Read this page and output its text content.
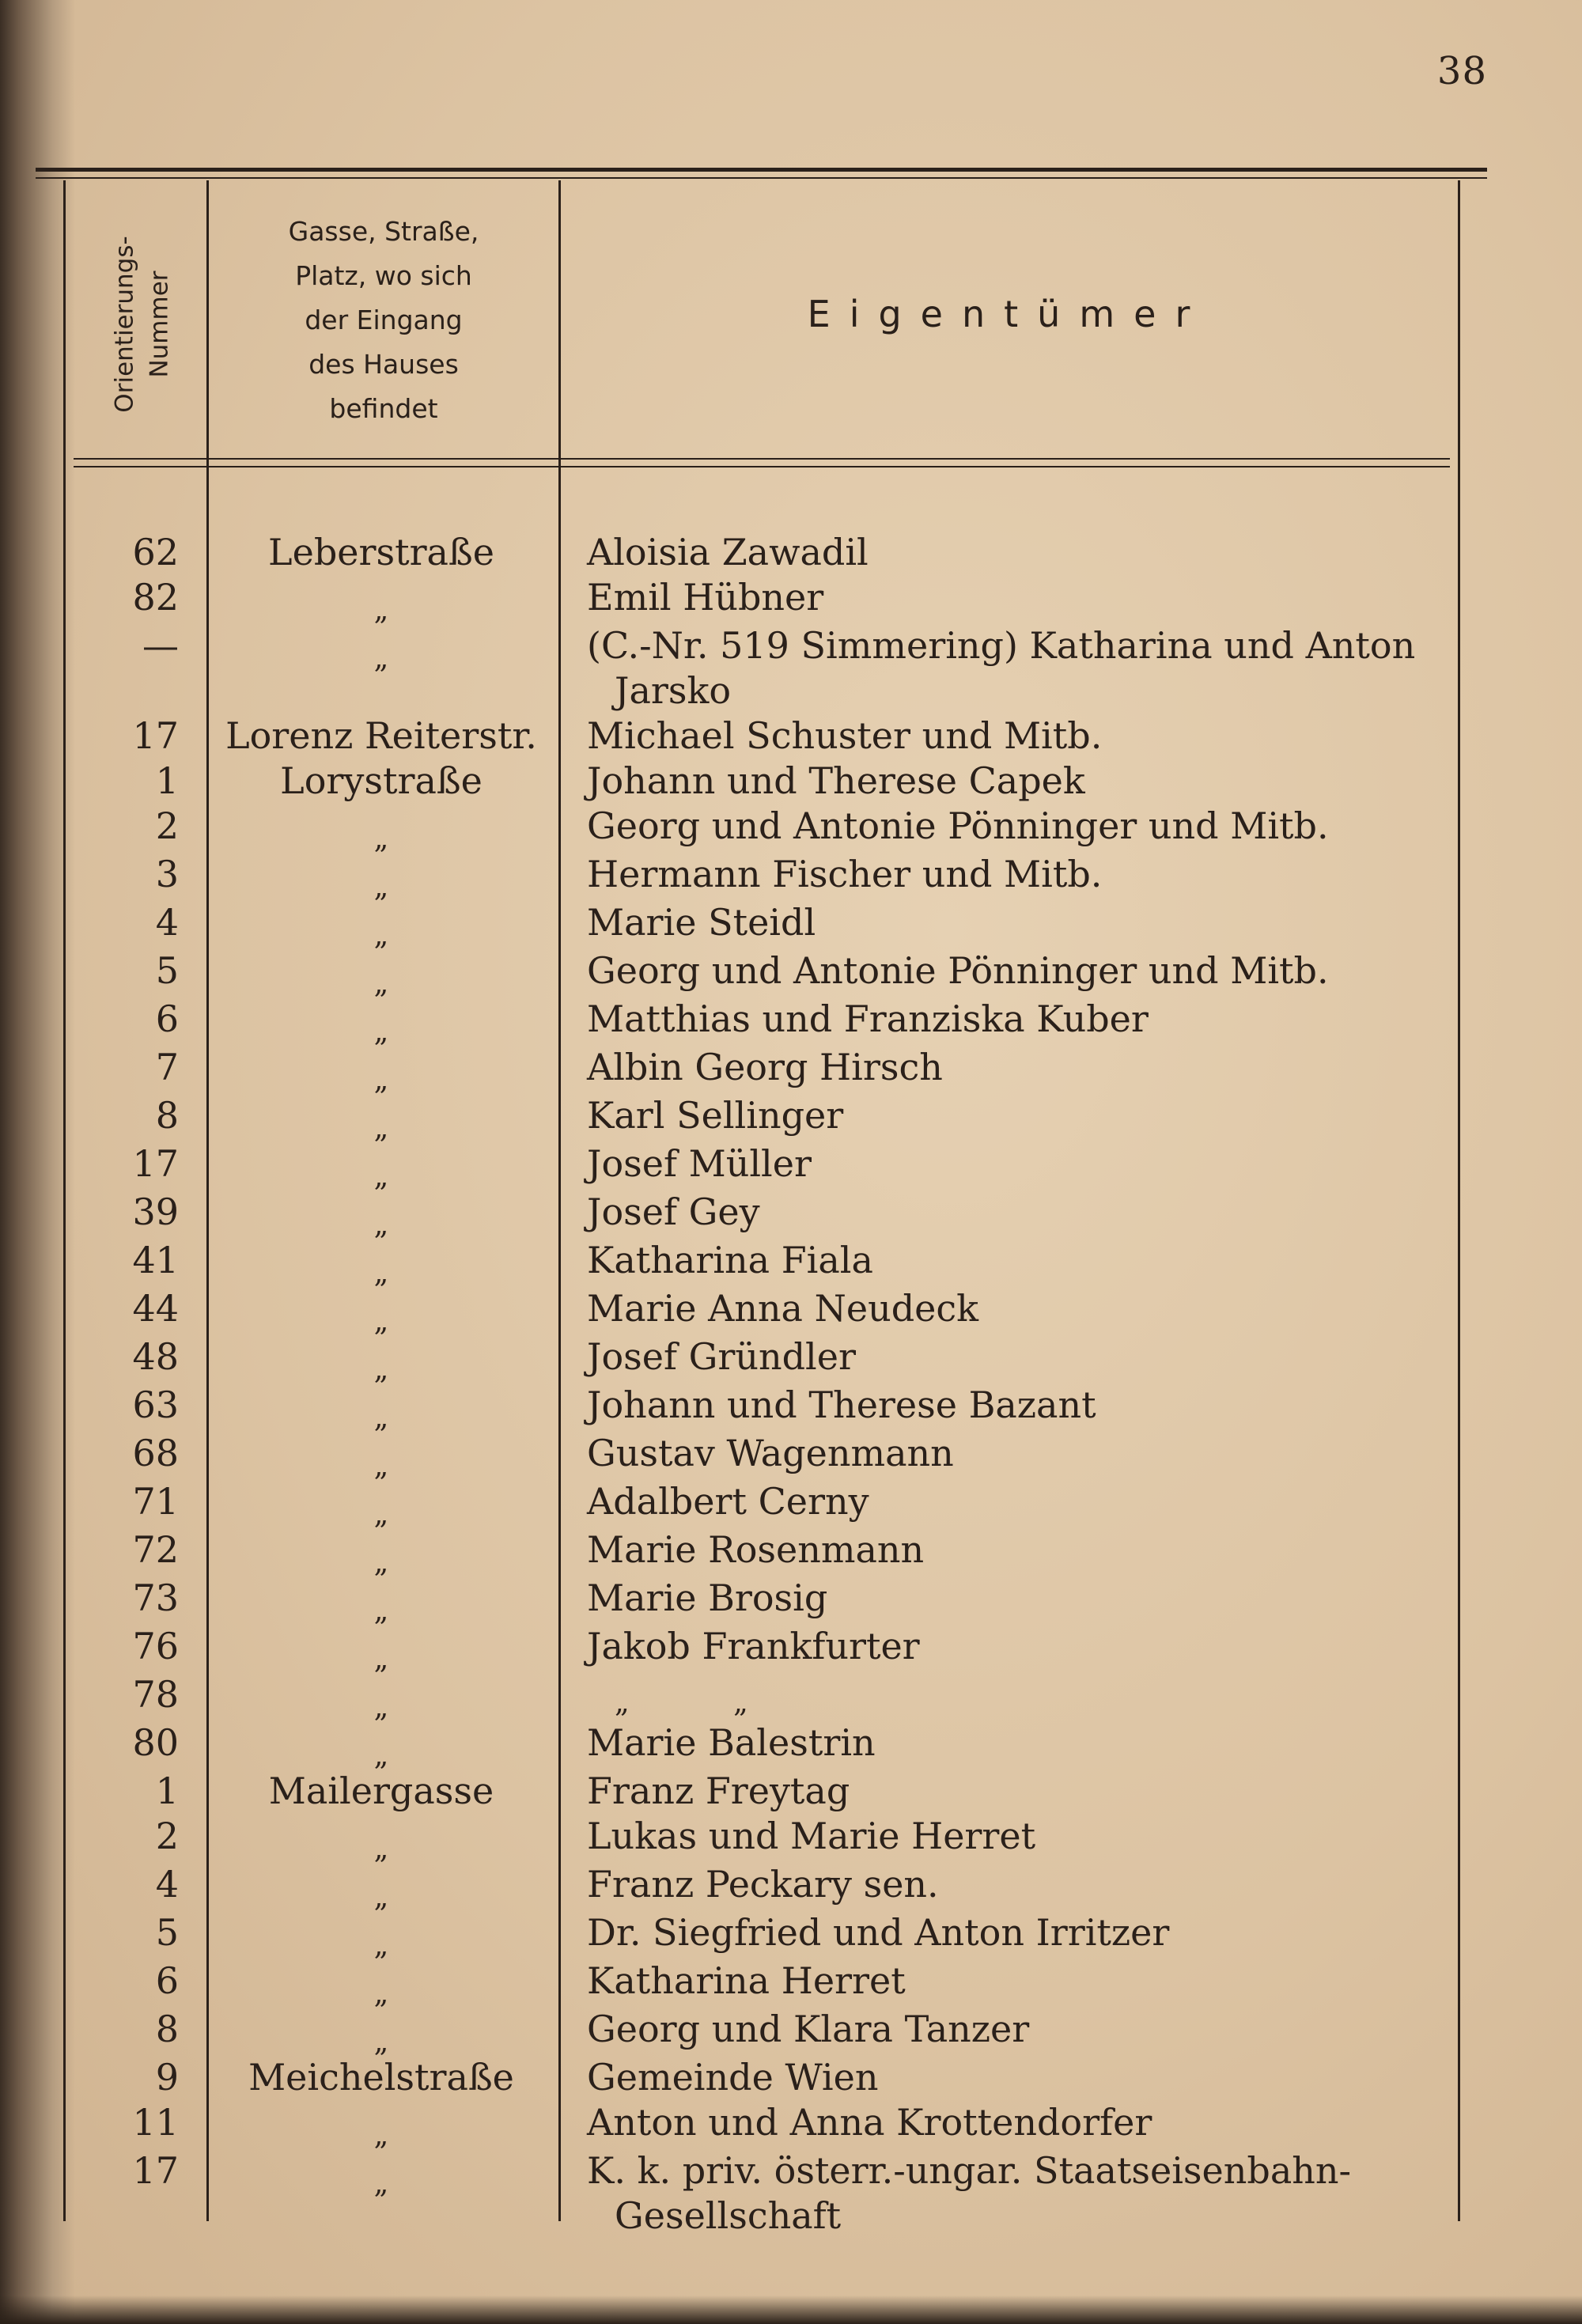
38
Orientierungs-
Nummer
Gasse, Straße,
Platz, wo sich
der Eingang
des Hauses
befindet
Eigentümer
62	Leberstraße	Aloisia Zawadil
82	$_„$	Emil Hübner
—	$_„$	(C.-Nr. 519 Simmering) Katharina und Anton Jarsko
17	Lorenz Reiterstr.	Michael Schuster und Mitb.
1	Lorystraße	Johann und Therese Capek
2	$_„$	Georg und Antonie Pönninger und Mitb.
3	$_„$	Hermann Fischer und Mitb.
4	$_„$	Marie Steidl
5	$_„$	Georg und Antonie Pönninger und Mitb.
6	$_„$	Matthias und Franziska Kuber
7	$_„$	Albin Georg Hirsch
8	$_„$	Karl Sellinger
17	$_„$	Josef Müller
39	$_„$	Josef Gey
41	$_„$	Katharina Fiala
44	$_„$	Marie Anna Neudeck
48	$_„$	Josef Gründler
63	$_„$	Johann und Therese Bazant
68	$_„$	Gustav Wagenmann
71	$_„$	Adalbert Cerny
72	$_„$	Marie Rosenmann
73	$_„$	Marie Brosig
76	$_„$	Jakob Frankfurter
78	$_„$	„ „
80	$_„$	Marie Balestrin
1	Mailergasse	Franz Freytag
2	$_„$	Lukas und Marie Herret
4	$_„$	Franz Peckary sen.
5	$_„$	Dr. Siegfried und Anton Irritzer
6	$_„$	Katharina Herret
8	$_„$	Georg und Klara Tanzer
9	Meichelstraße	Gemeinde Wien
11	$_„$	Anton und Anna Krottendorfer
17	$_„$	K. k. priv. österr.-ungar. Staatseisenbahn-Gesellschaft
